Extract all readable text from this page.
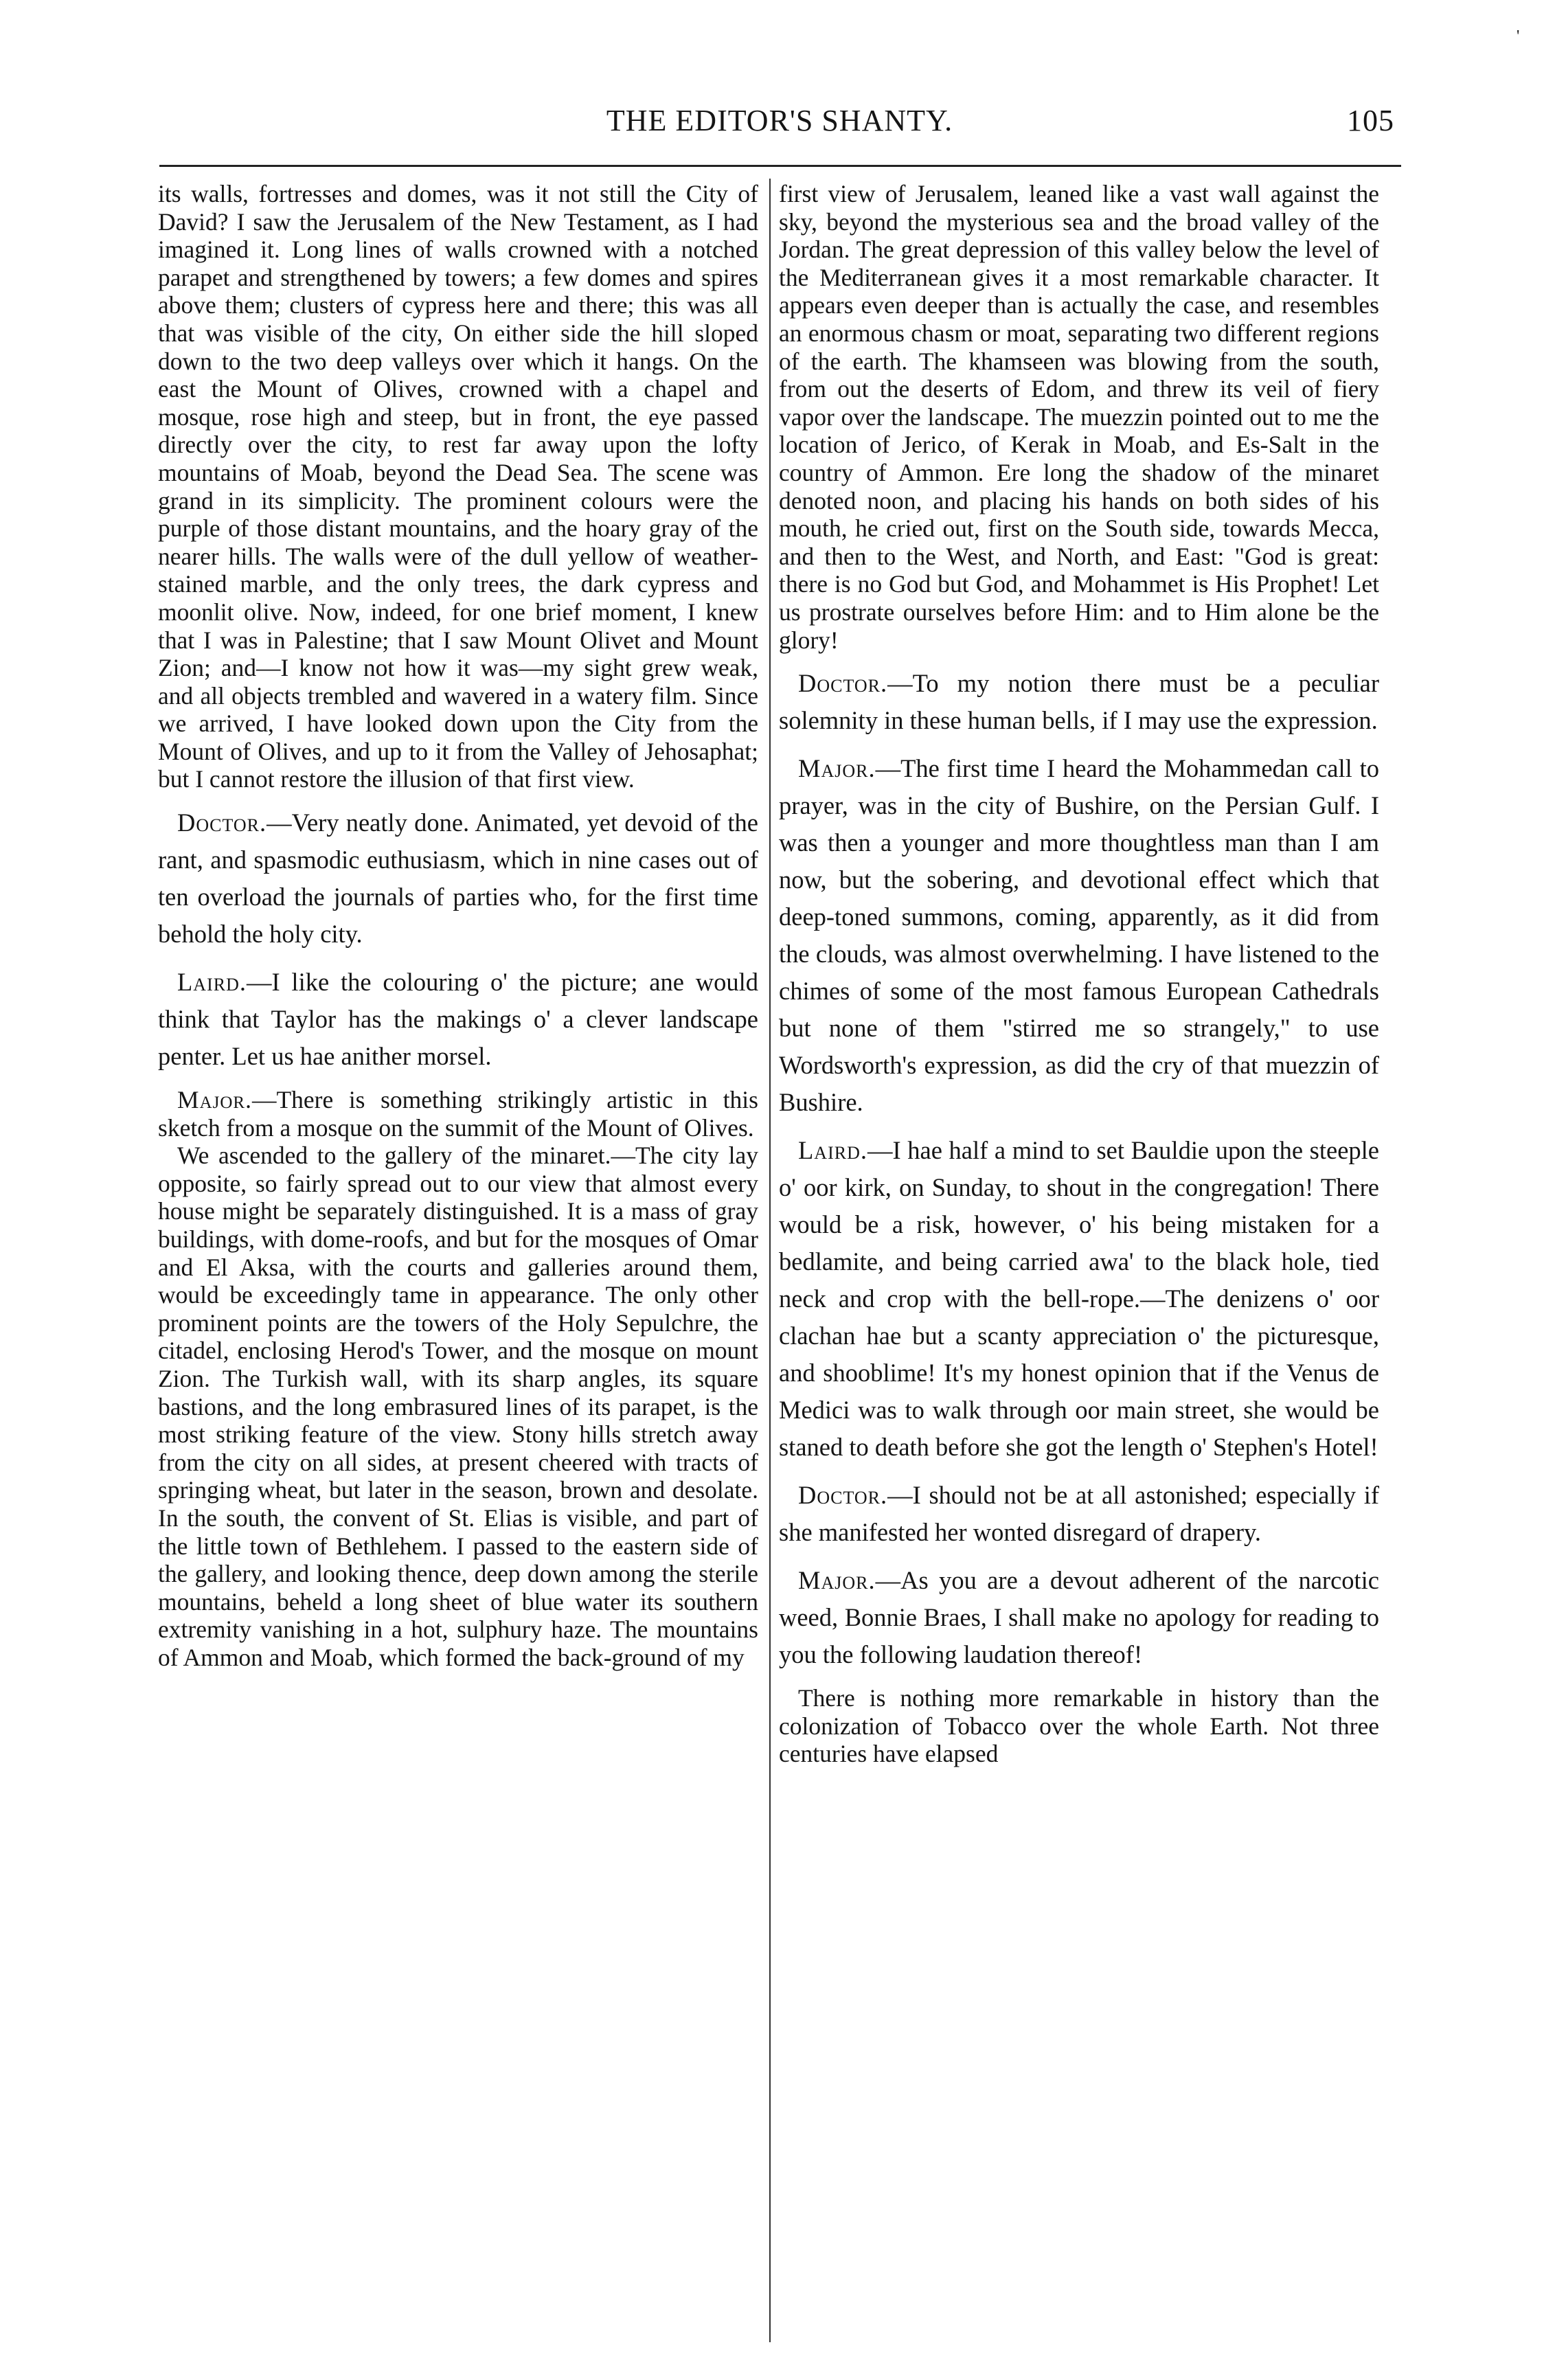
'
THE EDITOR'S SHANTY.	105

its walls, fortresses and domes, was it not still the City of David? I saw the Jerusalem of the New Testament, as I had imagined it. Long lines of walls crowned with a notched parapet and strengthened by towers; a few domes and spires above them; clusters of cypress here and there; this was all that was visible of the city, On either side the hill sloped down to the two deep valleys over which it hangs. On the east the Mount of Olives, crowned with a chapel and mosque, rose high and steep, but in front, the eye passed directly over the city, to rest far away upon the lofty mountains of Moab, beyond the Dead Sea. The scene was grand in its simplicity. The prominent colours were the purple of those distant mountains, and the hoary gray of the nearer hills. The walls were of the dull yellow of weather-stained marble, and the only trees, the dark cypress and moonlit olive. Now, indeed, for one brief moment, I knew that I was in Palestine; that I saw Mount Olivet and Mount Zion; and—I know not how it was—my sight grew weak, and all objects trembled and wavered in a watery film. Since we arrived, I have looked down upon the City from the Mount of Olives, and up to it from the Valley of Jehosaphat; but I cannot restore the illusion of that first view.

Doctor.—Very neatly done. Animated, yet devoid of the rant, and spasmodic euthusiasm, which in nine cases out of ten overload the journals of parties who, for the first time behold the holy city.

Laird.—I like the colouring o' the picture; ane would think that Taylor has the makings o' a clever landscape penter. Let us hae anither morsel.

Major.—There is something strikingly artistic in this sketch from a mosque on the summit of the Mount of Olives.

We ascended to the gallery of the minaret.—The city lay opposite, so fairly spread out to our view that almost every house might be separately distinguished. It is a mass of gray buildings, with dome-roofs, and but for the mosques of Omar and El Aksa, with the courts and galleries around them, would be exceedingly tame in appearance. The only other prominent points are the towers of the Holy Sepulchre, the citadel, enclosing Herod's Tower, and the mosque on mount Zion. The Turkish wall, with its sharp angles, its square bastions, and the long embrasured lines of its parapet, is the most striking feature of the view. Stony hills stretch away from the city on all sides, at present cheered with tracts of springing wheat, but later in the season, brown and desolate. In the south, the convent of St. Elias is visible, and part of the little town of Bethlehem. I passed to the eastern side of the gallery, and looking thence, deep down among the sterile mountains, beheld a long sheet of blue water its southern extremity vanishing in a hot, sulphury haze. The mountains of Ammon and Moab, which formed the back-ground of my

first view of Jerusalem, leaned like a vast wall against the sky, beyond the mysterious sea and the broad valley of the Jordan. The great depression of this valley below the level of the Mediterranean gives it a most remarkable character. It appears even deeper than is actually the case, and resembles an enormous chasm or moat, separating two different regions of the earth. The khamseen was blowing from the south, from out the deserts of Edom, and threw its veil of fiery vapor over the landscape. The muezzin pointed out to me the location of Jerico, of Kerak in Moab, and Es-Salt in the country of Ammon. Ere long the shadow of the minaret denoted noon, and placing his hands on both sides of his mouth, he cried out, first on the South side, towards Mecca, and then to the West, and North, and East: "God is great: there is no God but God, and Mohammet is His Prophet! Let us prostrate ourselves before Him: and to Him alone be the glory!

Doctor.—To my notion there must be a peculiar solemnity in these human bells, if I may use the expression.

Major.—The first time I heard the Mohammedan call to prayer, was in the city of Bushire, on the Persian Gulf. I was then a younger and more thoughtless man than I am now, but the sobering, and devotional effect which that deep-toned summons, coming, apparently, as it did from the clouds, was almost overwhelming. I have listened to the chimes of some of the most famous European Cathedrals but none of them "stirred me so strangely," to use Wordsworth's expression, as did the cry of that muezzin of Bushire.

Laird.—I hae half a mind to set Bauldie upon the steeple o' oor kirk, on Sunday, to shout in the congregation! There would be a risk, however, o' his being mistaken for a bedlamite, and being carried awa' to the black hole, tied neck and crop with the bell-rope.—The denizens o' oor clachan hae but a scanty appreciation o' the picturesque, and shooblime! It's my honest opinion that if the Venus de Medici was to walk through oor main street, she would be staned to death before she got the length o' Stephen's Hotel!

Doctor.—I should not be at all astonished; especially if she manifested her wonted disregard of drapery.

Major.—As you are a devout adherent of the narcotic weed, Bonnie Braes, I shall make no apology for reading to you the following laudation thereof!

There is nothing more remarkable in history than the colonization of Tobacco over the whole Earth. Not three centuries have elapsed
